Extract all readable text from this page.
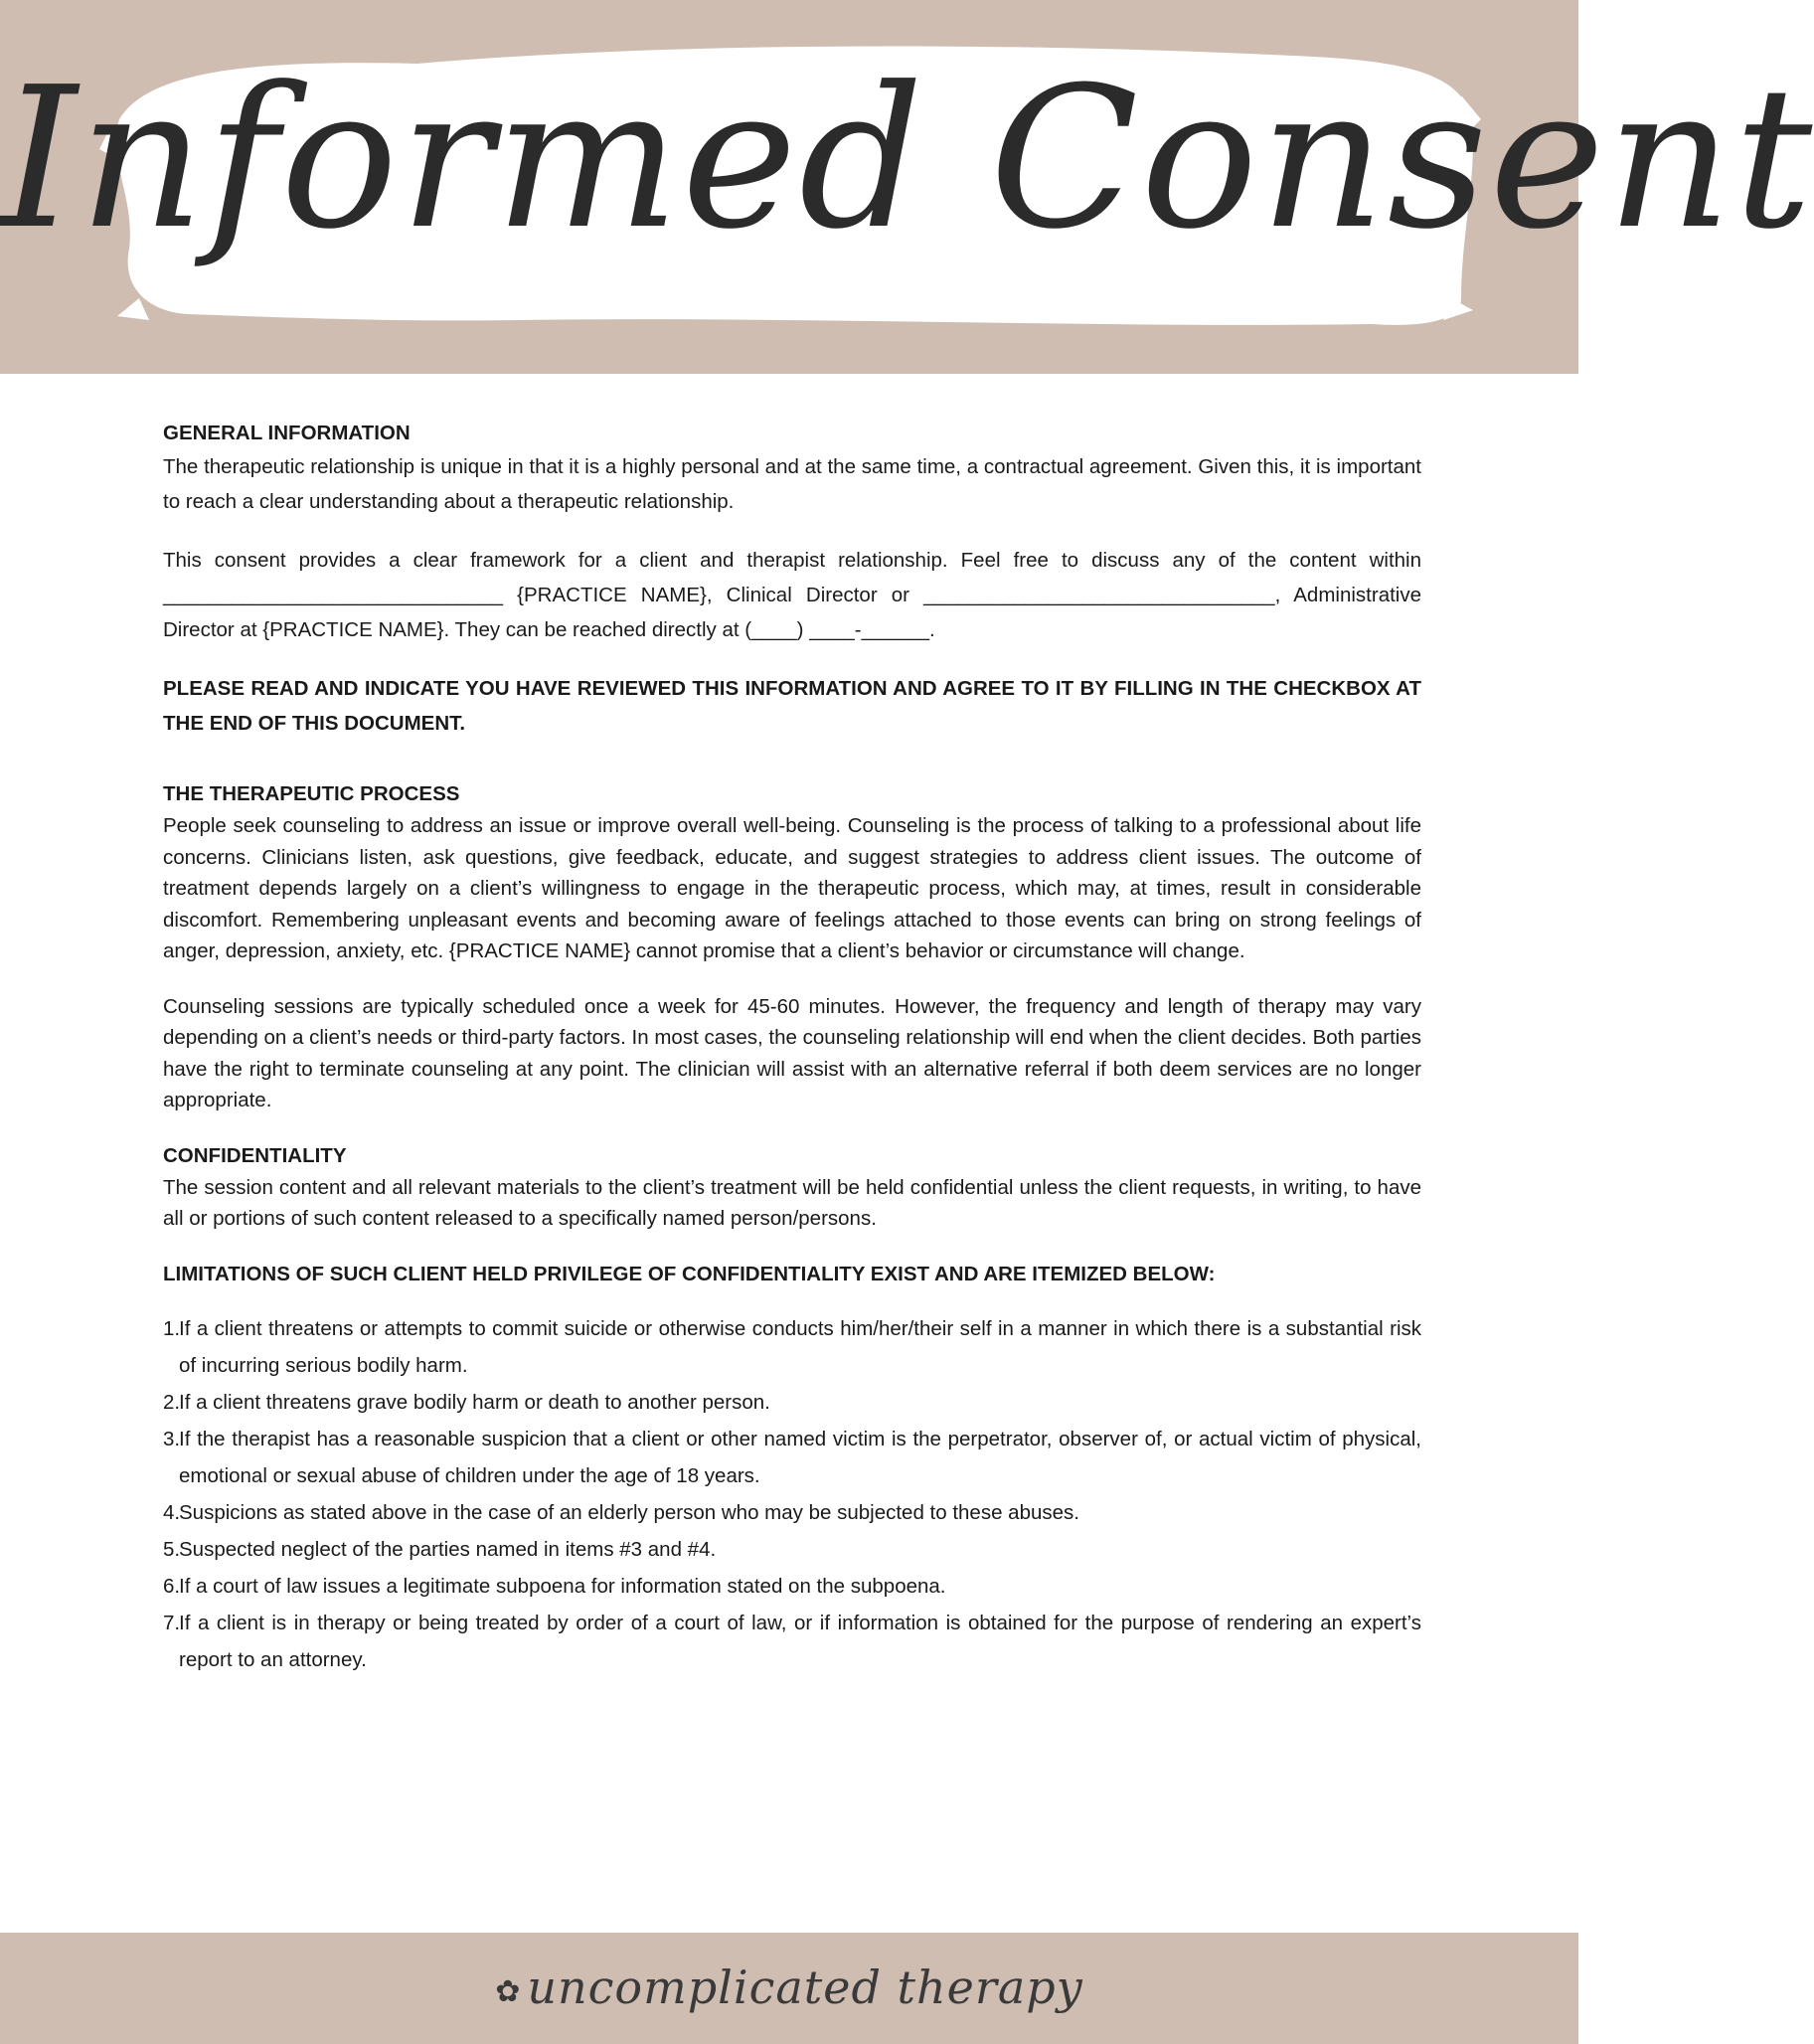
Informed Consent
GENERAL INFORMATION

The therapeutic relationship is unique in that it is a highly personal and at the same time, a contractual agreement. Given this, it is important to reach a clear understanding about a therapeutic relationship.

This consent provides a clear framework for a client and therapist relationship. Feel free to discuss any of the content within ______________________________ {PRACTICE NAME}, Clinical Director or _______________________________, Administrative Director at {PRACTICE NAME}. They can be reached directly at (____) ____-______.

PLEASE READ AND INDICATE YOU HAVE REVIEWED THIS INFORMATION AND AGREE TO IT BY FILLING IN THE CHECKBOX AT THE END OF THIS DOCUMENT.

THE THERAPEUTIC PROCESS

People seek counseling to address an issue or improve overall well-being. Counseling is the process of talking to a professional about life concerns. Clinicians listen, ask questions, give feedback, educate, and suggest strategies to address client issues. The outcome of treatment depends largely on a client’s willingness to engage in the therapeutic process, which may, at times, result in considerable discomfort. Remembering unpleasant events and becoming aware of feelings attached to those events can bring on strong feelings of anger, depression, anxiety, etc. {PRACTICE NAME} cannot promise that a client’s behavior or circumstance will change.

Counseling sessions are typically scheduled once a week for 45-60 minutes. However, the frequency and length of therapy may vary depending on a client’s needs or third-party factors. In most cases, the counseling relationship will end when the client decides. Both parties have the right to terminate counseling at any point. The clinician will assist with an alternative referral if both deem services are no longer appropriate.

CONFIDENTIALITY

The session content and all relevant materials to the client’s treatment will be held confidential unless the client requests, in writing, to have all or portions of such content released to a specifically named person/persons.

LIMITATIONS OF SUCH CLIENT HELD PRIVILEGE OF CONFIDENTIALITY EXIST AND ARE ITEMIZED BELOW:
1.
If a client threatens or attempts to commit suicide or otherwise conducts him/her/their self in a manner in which there is a substantial risk of incurring serious bodily harm.
2.
If a client threatens grave bodily harm or death to another person.
3.
If the therapist has a reasonable suspicion that a client or other named victim is the perpetrator, observer of, or actual victim of physical, emotional or sexual abuse of children under the age of 18 years.
4.
Suspicions as stated above in the case of an elderly person who may be subjected to these abuses.
5.
Suspected neglect of the parties named in items #3 and #4.
6.
If a court of law issues a legitimate subpoena for information stated on the subpoena.
7.
If a client is in therapy or being treated by order of a court of law, or if information is obtained for the purpose of rendering an expert’s report to an attorney.
✿ uncomplicated therapy
